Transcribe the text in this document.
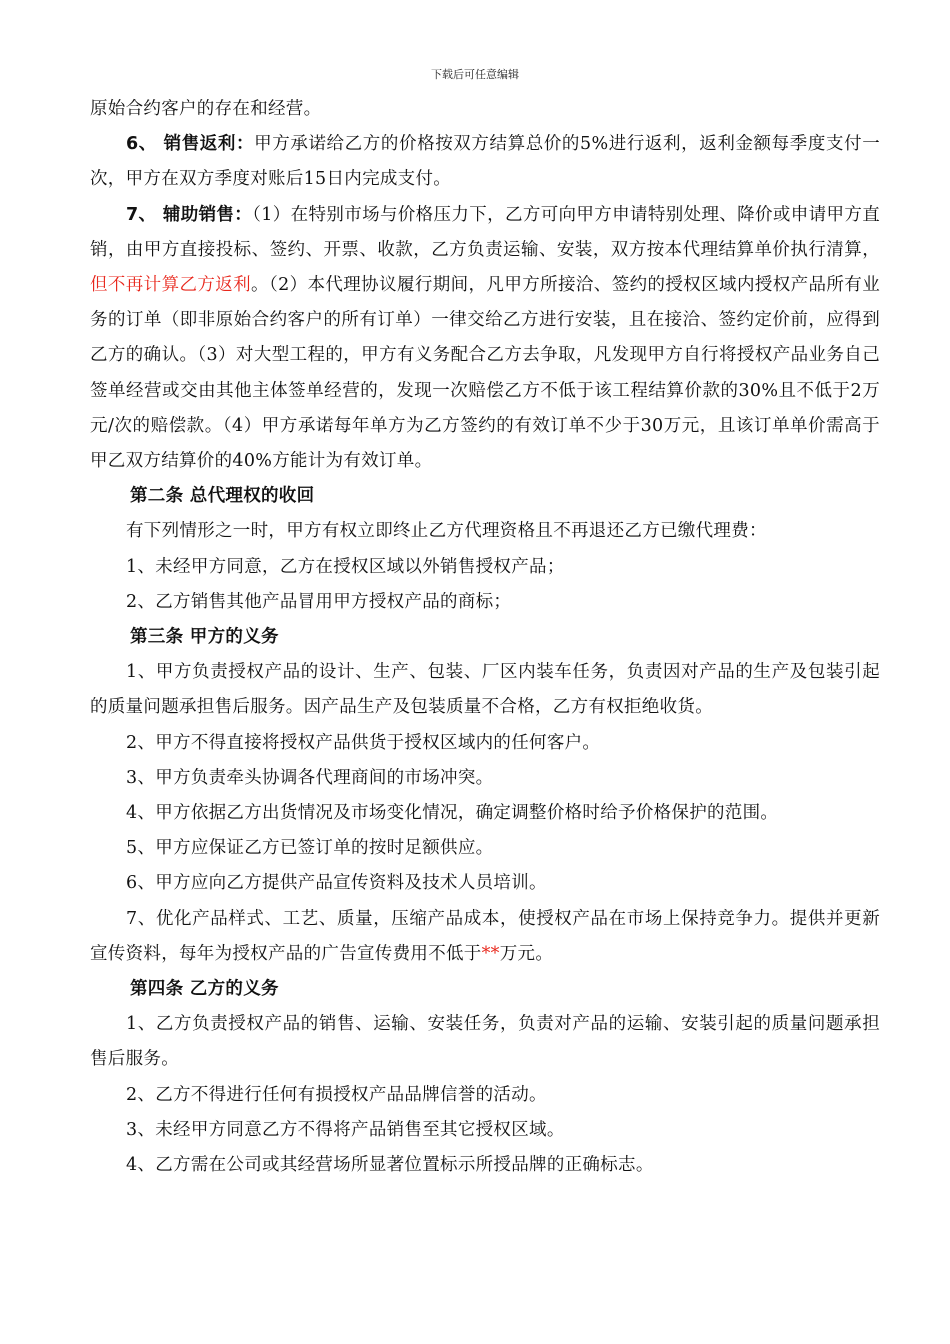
下载后可任意编辑

原始合约客户的存在和经营。

6、 销售返利：甲方承诺给乙方的价格按双方结算总价的5%进行返利，返利金额每季度支付一次，甲方在双方季度对账后15日内完成支付。

7、 辅助销售：（1）在特别市场与价格压力下，乙方可向甲方申请特别处理、降价或申请甲方直销，由甲方直接投标、签约、开票、收款，乙方负责运输、安装，双方按本代理结算单价执行清算，但不再计算乙方返利。（2）本代理协议履行期间，凡甲方所接洽、签约的授权区域内授权产品所有业务的订单（即非原始合约客户的所有订单）一律交给乙方进行安装，且在接洽、签约定价前，应得到乙方的确认。（3）对大型工程的，甲方有义务配合乙方去争取，凡发现甲方自行将授权产品业务自己签单经营或交由其他主体签单经营的，发现一次赔偿乙方不低于该工程结算价款的30%且不低于2万元/次的赔偿款。（4）甲方承诺每年单方为乙方签约的有效订单不少于30万元，且该订单单价需高于甲乙双方结算价的40%方能计为有效订单。

第二条 总代理权的收回

有下列情形之一时，甲方有权立即终止乙方代理资格且不再退还乙方已缴代理费：

1、未经甲方同意，乙方在授权区域以外销售授权产品；

2、乙方销售其他产品冒用甲方授权产品的商标；

第三条 甲方的义务

1、甲方负责授权产品的设计、生产、包装、厂区内装车任务，负责因对产品的生产及包装引起的质量问题承担售后服务。因产品生产及包装质量不合格，乙方有权拒绝收货。

2、甲方不得直接将授权产品供货于授权区域内的任何客户。

3、甲方负责牵头协调各代理商间的市场冲突。

4、甲方依据乙方出货情况及市场变化情况，确定调整价格时给予价格保护的范围。

5、甲方应保证乙方已签订单的按时足额供应。

6、甲方应向乙方提供产品宣传资料及技术人员培训。

7、优化产品样式、工艺、质量，压缩产品成本，使授权产品在市场上保持竞争力。提供并更新宣传资料，每年为授权产品的广告宣传费用不低于**万元。

第四条 乙方的义务

1、乙方负责授权产品的销售、运输、安装任务，负责对产品的运输、安装引起的质量问题承担售后服务。

2、乙方不得进行任何有损授权产品品牌信誉的活动。

3、未经甲方同意乙方不得将产品销售至其它授权区域。

4、乙方需在公司或其经营场所显著位置标示所授品牌的正确标志。
